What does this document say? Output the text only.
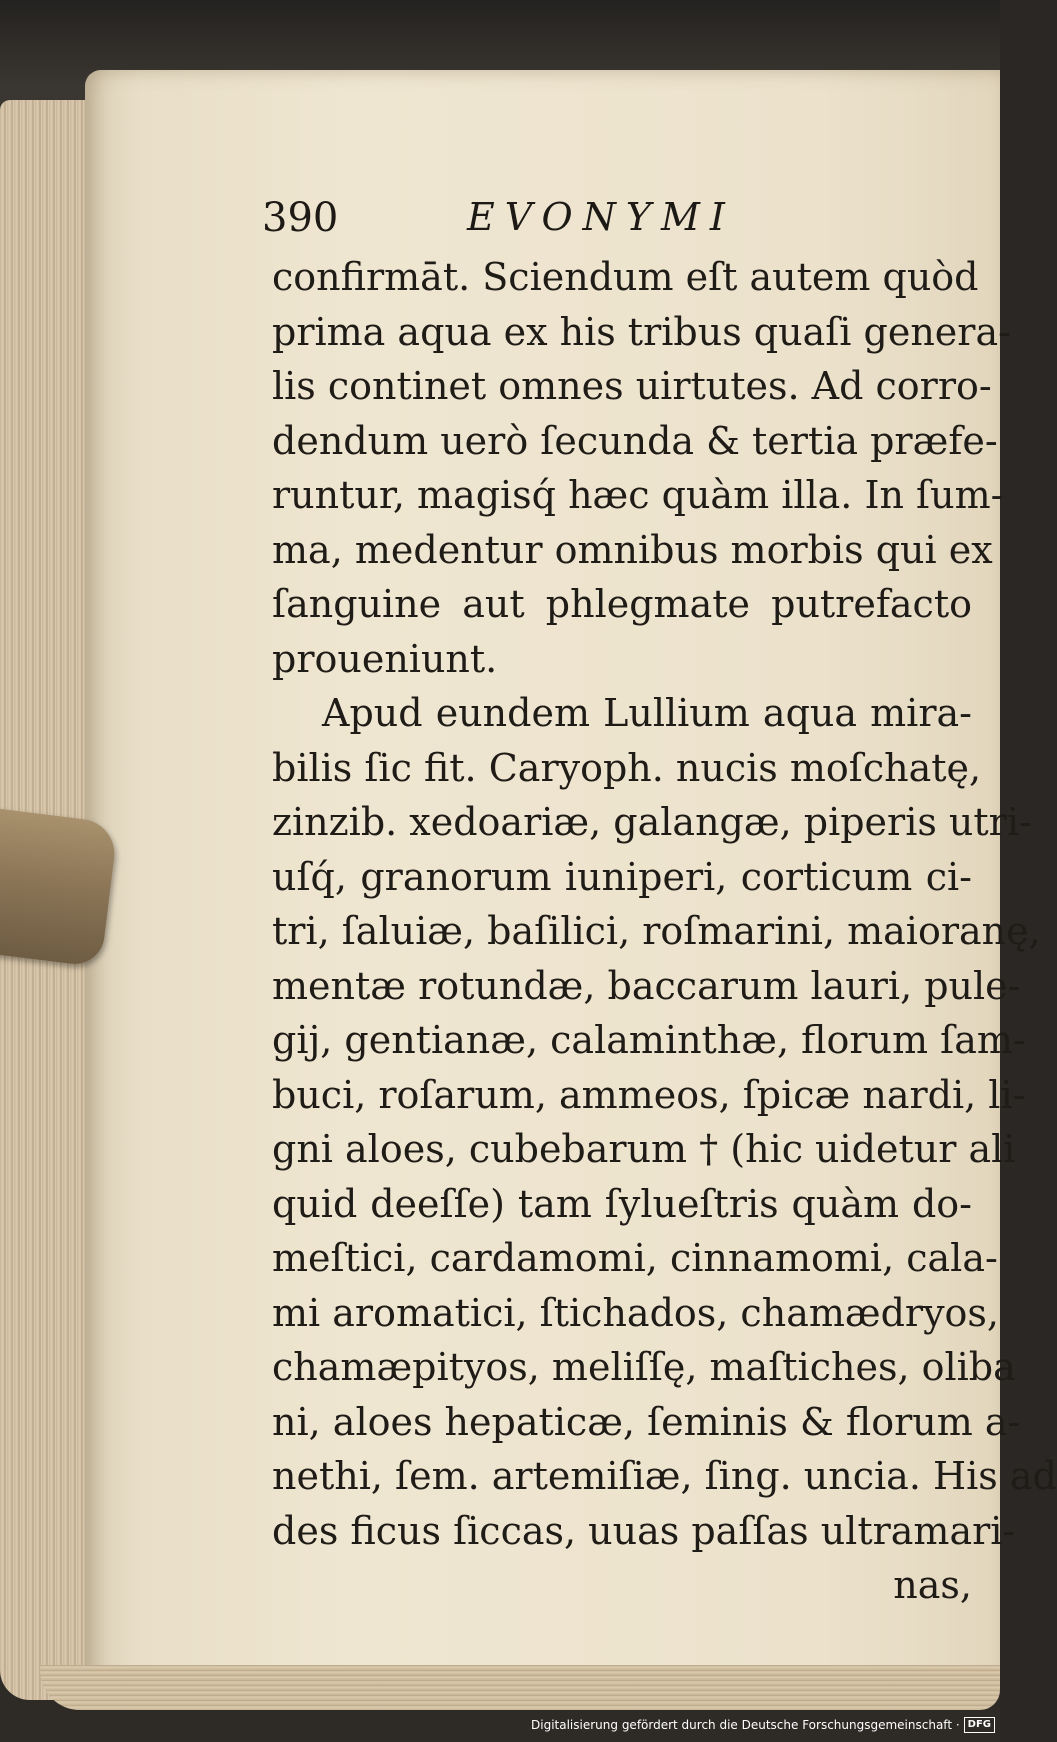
390	EVONYMI
confirmāt. Sciendum eſt autem quòd
prima aqua ex his tribus quaſi genera-
lis continet omnes uirtutes. Ad corro-
dendum uerò ſecunda & tertia præfe-
runtur, magisq́ hæc quàm illa. In ſum-
ma, medentur omnibus morbis qui ex
ſanguine aut phlegmate putrefacto
proueniunt.
Apud eundem Lullium aqua mira-
bilis ſic fit. Caryoph. nucis moſchatę,
zinzib. xedoariæ, galangæ, piperis utri-
uſq́, granorum iuniperi, corticum ci-
tri, ſaluiæ, baſilici, roſmarini, maioranę,
mentæ rotundæ, baccarum lauri, pule-
gij, gentianæ, calaminthæ, florum ſam-
buci, roſarum, ammeos, ſpicæ nardi, li-
gni aloes, cubebarum † (hic uidetur ali
quid deeſſe) tam ſylueſtris quàm do-
meſtici, cardamomi, cinnamomi, cala-
mi aromatici, ſtichados, chamædryos,
chamæpityos, meliſſę, maſtiches, oliba
ni, aloes hepaticæ, ſeminis & florum a-
nethi, ſem. artemiſiæ, ſing. uncia. His ad
des ficus ſiccas, uuas paſſas ultramari-
nas,
Digitalisierung gefördert durch die Deutsche Forschungsgemeinschaft · DFG
